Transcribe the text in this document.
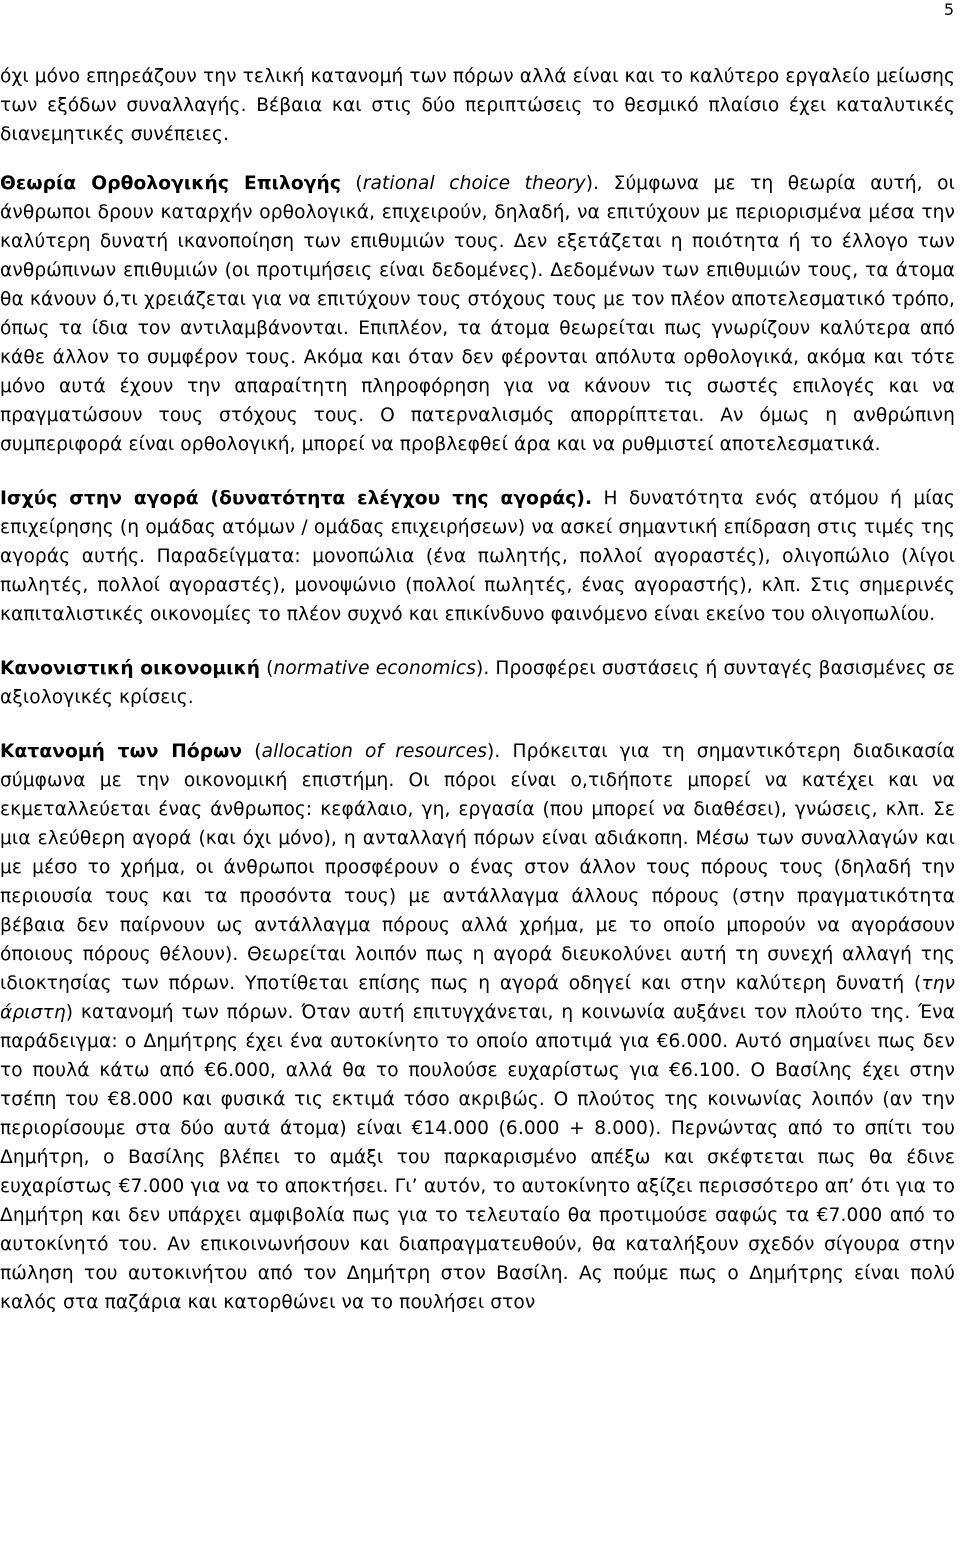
5

όχι μόνο επηρεάζουν την τελική κατανομή των πόρων αλλά είναι και το καλύτερο εργαλείο μείωσης των εξόδων συναλλαγής. Βέβαια και στις δύο περιπτώσεις το θεσμικό πλαίσιο έχει καταλυτικές διανεμητικές συνέπειες.

Θεωρία Ορθολογικής Επιλογής (rational choice theory). Σύμφωνα με τη θεωρία αυτή, οι άνθρωποι δρουν καταρχήν ορθολογικά, επιχειρούν, δηλαδή, να επιτύχουν με περιορισμένα μέσα την καλύτερη δυνατή ικανοποίηση των επιθυμιών τους. Δεν εξετάζεται η ποιότητα ή το έλλογο των ανθρώπινων επιθυμιών (οι προτιμήσεις είναι δεδομένες). Δεδομένων των επιθυμιών τους, τα άτομα θα κάνουν ό,τι χρειάζεται για να επιτύχουν τους στόχους τους με τον πλέον αποτελεσματικό τρόπο, όπως τα ίδια τον αντιλαμβάνονται. Επιπλέον, τα άτομα θεωρείται πως γνωρίζουν καλύτερα από κάθε άλλον το συμφέρον τους. Ακόμα και όταν δεν φέρονται απόλυτα ορθολογικά, ακόμα και τότε μόνο αυτά έχουν την απαραίτητη πληροφόρηση για να κάνουν τις σωστές επιλογές και να πραγματώσουν τους στόχους τους. Ο πατερναλισμός απορρίπτεται. Αν όμως η ανθρώπινη συμπεριφορά είναι ορθολογική, μπορεί να προβλεφθεί άρα και να ρυθμιστεί αποτελεσματικά.

Ισχύς στην αγορά (δυνατότητα ελέγχου της αγοράς). Η δυνατότητα ενός ατόμου ή μίας επιχείρησης (η ομάδας ατόμων / ομάδας επιχειρήσεων) να ασκεί σημαντική επίδραση στις τιμές της αγοράς αυτής. Παραδείγματα: μονοπώλια (ένα πωλητής, πολλοί αγοραστές), ολιγοπώλιο (λίγοι πωλητές, πολλοί αγοραστές), μονοψώνιο (πολλοί πωλητές, ένας αγοραστής), κλπ. Στις σημερινές καπιταλιστικές οικονομίες το πλέον συχνό και επικίνδυνο φαινόμενο είναι εκείνο του ολιγοπωλίου.

Κανονιστική οικονομική (normative economics). Προσφέρει συστάσεις ή συνταγές βασισμένες σε αξιολογικές κρίσεις.

Κατανομή των Πόρων (allocation of resources). Πρόκειται για τη σημαντικότερη διαδικασία σύμφωνα με την οικονομική επιστήμη. Οι πόροι είναι ο,τιδήποτε μπορεί να κατέχει και να εκμεταλλεύεται ένας άνθρωπος: κεφάλαιο, γη, εργασία (που μπορεί να διαθέσει), γνώσεις, κλπ. Σε μια ελεύθερη αγορά (και όχι μόνο), η ανταλλαγή πόρων είναι αδιάκοπη. Μέσω των συναλλαγών και με μέσο το χρήμα, οι άνθρωποι προσφέρουν ο ένας στον άλλον τους πόρους τους (δηλαδή την περιουσία τους και τα προσόντα τους) με αντάλλαγμα άλλους πόρους (στην πραγματικότητα βέβαια δεν παίρνουν ως αντάλλαγμα πόρους αλλά χρήμα, με το οποίο μπορούν να αγοράσουν όποιους πόρους θέλουν). Θεωρείται λοιπόν πως η αγορά διευκολύνει αυτή τη συνεχή αλλαγή της ιδιοκτησίας των πόρων. Υποτίθεται επίσης πως η αγορά οδηγεί και στην καλύτερη δυνατή (την άριστη) κατανομή των πόρων. Όταν αυτή επιτυγχάνεται, η κοινωνία αυξάνει τον πλούτο της. Ένα παράδειγμα: ο Δημήτρης έχει ένα αυτοκίνητο το οποίο αποτιμά για €6.000. Αυτό σημαίνει πως δεν το πουλά κάτω από €6.000, αλλά θα το πουλούσε ευχαρίστως για €6.100. Ο Βασίλης έχει στην τσέπη του €8.000 και φυσικά τις εκτιμά τόσο ακριβώς. Ο πλούτος της κοινωνίας λοιπόν (αν την περιορίσουμε στα δύο αυτά άτομα) είναι €14.000 (6.000 + 8.000). Περνώντας από το σπίτι του Δημήτρη, ο Βασίλης βλέπει το αμάξι του παρκαρισμένο απέξω και σκέφτεται πως θα έδινε ευχαρίστως €7.000 για να το αποκτήσει. Γι’ αυτόν, το αυτοκίνητο αξίζει περισσότερο απ’ ότι για το Δημήτρη και δεν υπάρχει αμφιβολία πως για το τελευταίο θα προτιμούσε σαφώς τα €7.000 από το αυτοκίνητό του. Αν επικοινωνήσουν και διαπραγματευθούν, θα καταλήξουν σχεδόν σίγουρα στην πώληση του αυτοκινήτου από τον Δημήτρη στον Βασίλη. Ας πούμε πως ο Δημήτρης είναι πολύ καλός στα παζάρια και κατορθώνει να το πουλήσει στον
